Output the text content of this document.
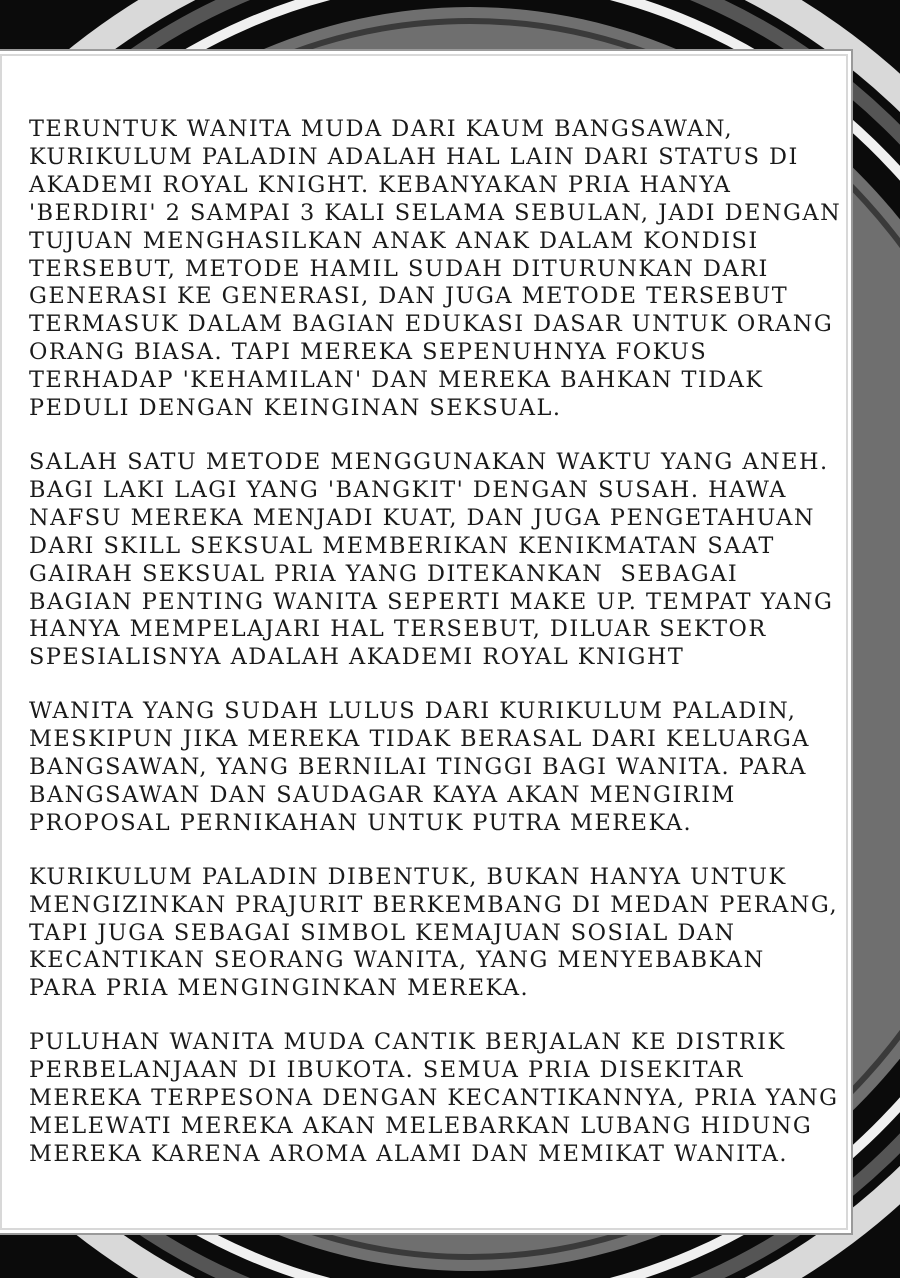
TERUNTUK WANITA MUDA DARI KAUM BANGSAWAN,
KURIKULUM PALADIN ADALAH HAL LAIN DARI STATUS DI
AKADEMI ROYAL KNIGHT. KEBANYAKAN PRIA HANYA
'BERDIRI' 2 SAMPAI 3 KALI SELAMA SEBULAN, JADI DENGAN
TUJUAN MENGHASILKAN ANAK ANAK DALAM KONDISI
TERSEBUT, METODE HAMIL SUDAH DITURUNKAN DARI
GENERASI KE GENERASI, DAN JUGA METODE TERSEBUT
TERMASUK DALAM BAGIAN EDUKASI DASAR UNTUK ORANG
ORANG BIASA. TAPI MEREKA SEPENUHNYA FOKUS
TERHADAP 'KEHAMILAN' DAN MEREKA BAHKAN TIDAK
PEDULI DENGAN KEINGINAN SEKSUAL.

SALAH SATU METODE MENGGUNAKAN WAKTU YANG ANEH.
BAGI LAKI LAGI YANG 'BANGKIT' DENGAN SUSAH. HAWA
NAFSU MEREKA MENJADI KUAT, DAN JUGA PENGETAHUAN
DARI SKILL SEKSUAL MEMBERIKAN KENIKMATAN SAAT
GAIRAH SEKSUAL PRIA YANG DITEKANKAN  SEBAGAI
BAGIAN PENTING WANITA SEPERTI MAKE UP. TEMPAT YANG
HANYA MEMPELAJARI HAL TERSEBUT, DILUAR SEKTOR
SPESIALISNYA ADALAH AKADEMI ROYAL KNIGHT

WANITA YANG SUDAH LULUS DARI KURIKULUM PALADIN,
MESKIPUN JIKA MEREKA TIDAK BERASAL DARI KELUARGA
BANGSAWAN, YANG BERNILAI TINGGI BAGI WANITA. PARA
BANGSAWAN DAN SAUDAGAR KAYA AKAN MENGIRIM
PROPOSAL PERNIKAHAN UNTUK PUTRA MEREKA.

KURIKULUM PALADIN DIBENTUK, BUKAN HANYA UNTUK
MENGIZINKAN PRAJURIT BERKEMBANG DI MEDAN PERANG,
TAPI JUGA SEBAGAI SIMBOL KEMAJUAN SOSIAL DAN
KECANTIKAN SEORANG WANITA, YANG MENYEBABKAN
PARA PRIA MENGINGINKAN MEREKA.

PULUHAN WANITA MUDA CANTIK BERJALAN KE DISTRIK
PERBELANJAAN DI IBUKOTA. SEMUA PRIA DISEKITAR
MEREKA TERPESONA DENGAN KECANTIKANNYA, PRIA YANG
MELEWATI MEREKA AKAN MELEBARKAN LUBANG HIDUNG
MEREKA KARENA AROMA ALAMI DAN MEMIKAT WANITA.
